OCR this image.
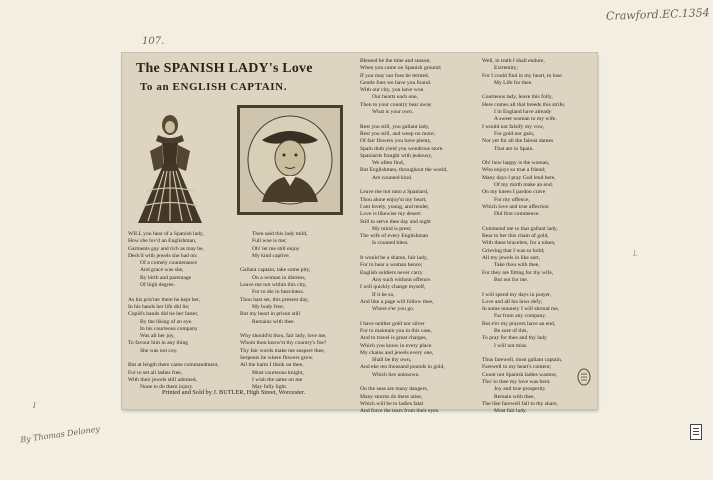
Crawford.EC.1354
107.
By Thomas Deloney
I
L
The SPANISH LADY's Love
To an ENGLISH CAPTAIN.
WILL you hear of a Spanish lady,
How she lov'd an Englishman,
Garments gay and rich as may be,
Deck'd with jewels she had on:
Of a comely countenance
And grace was she,
By birth and parentage
Of high degree.
As his pris'ner there he kept her,
In his hands her life did lie;
Cupid's bands did tie her faster,
By the liking of an eye.
In his courteous company
Was all her joy,
To favour him in any thing
She was not coy.
But at length there came commandment,
For to set all ladies free,
With their jewels still adorned,
None to do them injury.
Then said this lady mild,
Full woe is me;
Oh! let me still enjoy
My kind captive.
Gallant captain, take some pity,
On a woman in distress,
Leave me not within this city,
For to die in heaviness.
Thou hast set, this present day,
My body free;
But my heart in prison still
Remains with thee.
Why should'st thou, fair lady, love me,
Whom thou know'st thy country's foe?
Thy fair words make me suspect thee,
Serpents lie where flowers grow.
All the harm I think on thee,
Most courteous knight,
I wish the same on me
May fully light.
Blessed be the time and season,
When you came on Spanish ground;
If you may our foes be termed,
Gentle foes we have you found.
With our city, you have won
Our hearts each one,
Then to your country bear away
What is your own.
Rest you still, you gallant lady,
Rest you still, and weep no more;
Of fair flowers you have plenty,
Spain doth yield you wondrous store.
Spaniards fraught with jealousy,
We often find,
But Englishmen, throughout the world,
Are counted kind.
Leave me not unto a Spaniard,
Thou alone enjoy'st my heart;
I am lovely, young, and tender,
Love is likewise my desert:
Still to serve thee day and night
My mind is prest;
The wife of every Englishman
Is counted blest.
It would be a shame, fair lady,
For to bear a woman hence;
English soldiers never carry
Any such without offence.
I will quickly change myself,
If it be so,
And like a page will follow thee,
Where e'er you go.
I have neither gold nor silver
For to maintain you in this case,
And to travel is great charges,
Which you know in every place.
My chains and jewels every one,
Shall be thy own,
And eke ten thousand pounds in gold,
Which lies unknown.
On the seas are many dangers,
Many storms do there arise,
Which will be to ladies fatal
And force the tears from their eyes.
Well, in truth I shall endure,
Extremity;
For I could find in my heart, to lose
My Life for thee.
Courteous lady, leave this folly,
Here comes all that breeds this strife;
I in England have already
A sweet woman to my wife.
I would not falsify my vow,
For gold nor gain,
Nor yet for all the fairest dames
That are in Spain.
Oh! how happy is the woman,
Who enjoys so true a friend;
Many days I pray God lend here,
Of my mirth make an end.
On my knees I pardon crave
For my offence,
Which love and true affection
Did first commence.
Commend me to that gallant lady,
Bear to her this chain of gold,
With these bracelets, for a token,
Grieving that I was so bold;
All my jewels in like sort,
Take thou with thee,
For they are fitting for thy wife,
But not for me.
I will spend my days in prayer,
Love and all his laws defy;
In some nunnery I will shroud me,
Far from any company.
But e'er my prayers have an end,
Be sure of this,
To pray for thee and thy lady
I will not miss.
Thus farewell, most gallant captain,
Farewell to my heart's content;
Count not Spanish ladies wanton,
Tho' to thee my love was bent.
Joy and true prosperity
Remain with thee,
The like farewell fall to thy share,
Most fair lady.
Printed and Sold by J. BUTLER, High Street, Worcester.
